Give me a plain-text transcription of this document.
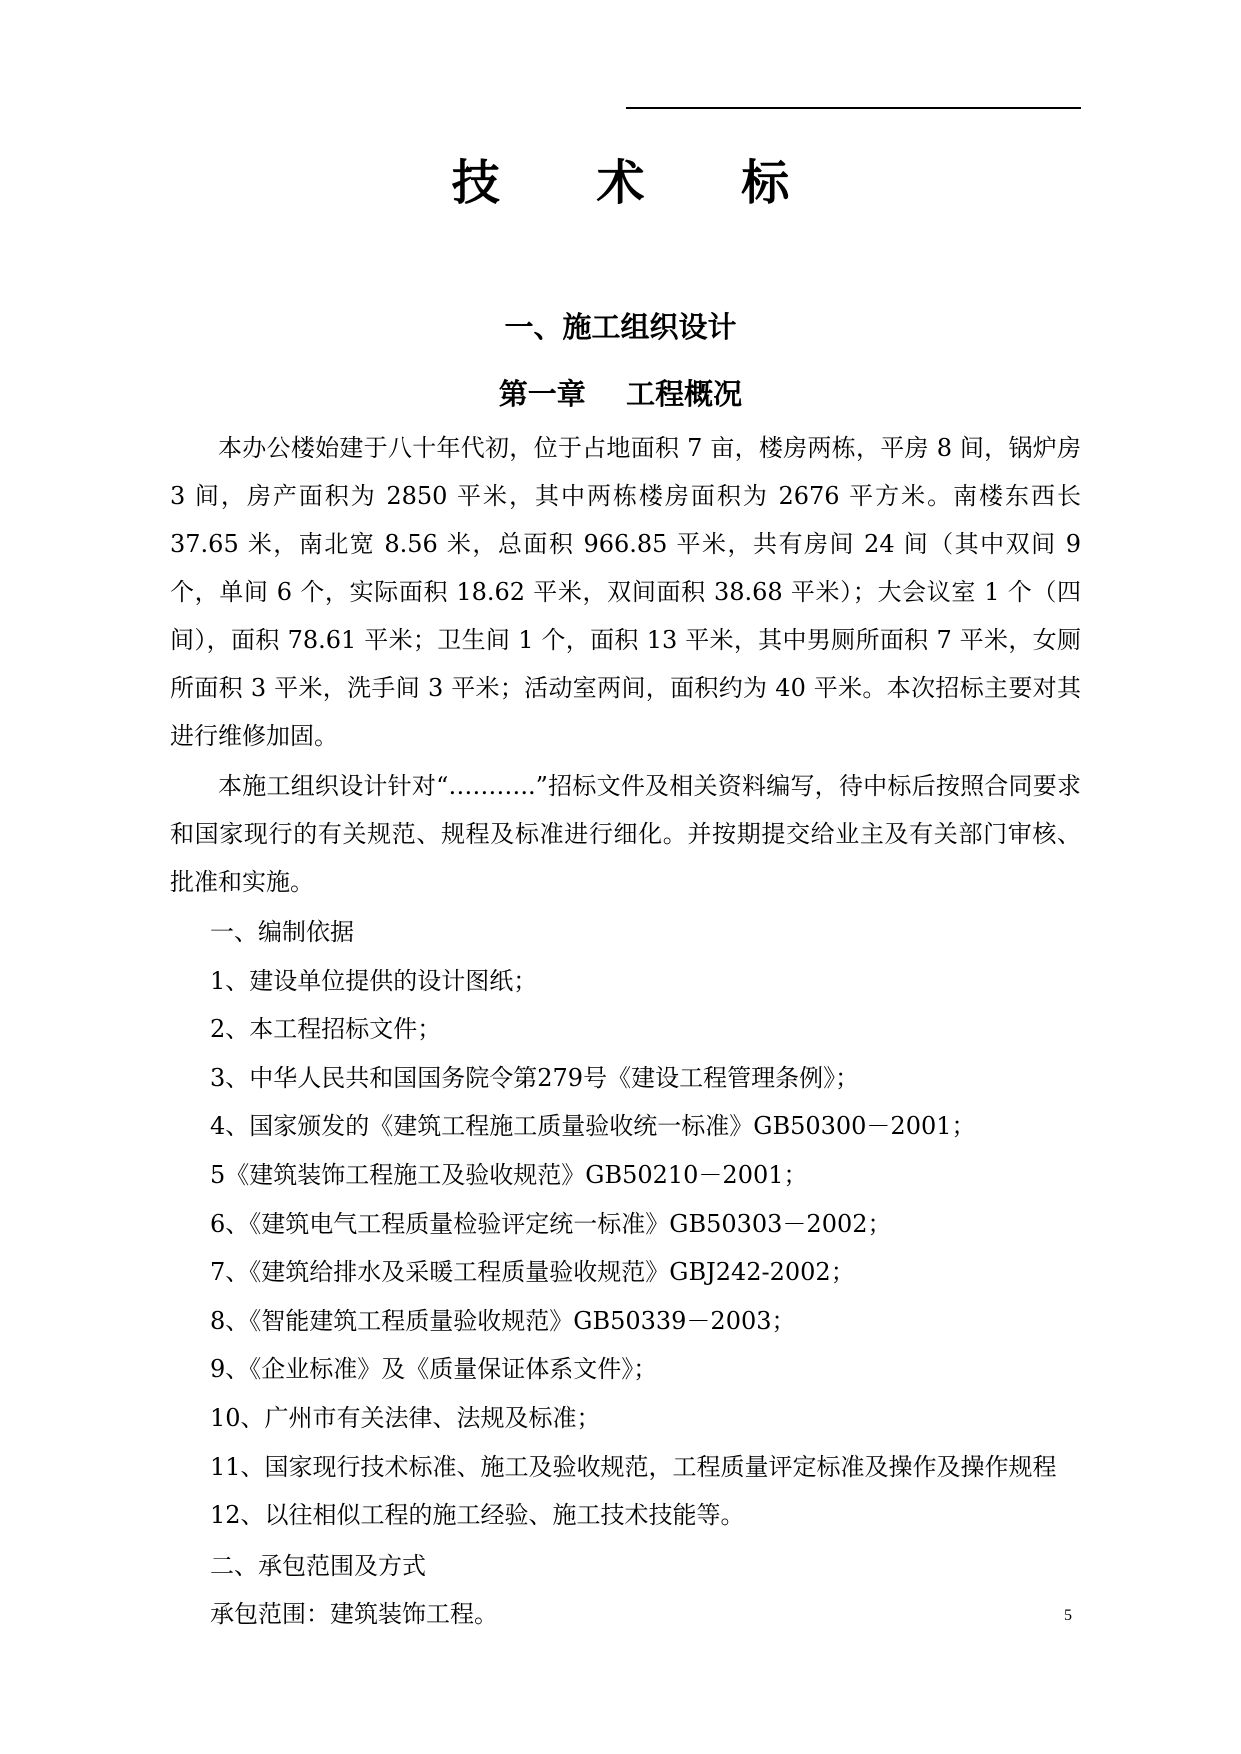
技 术 标
一、施工组织设计
第一章    工程概况

本办公楼始建于八十年代初，位于占地面积 7 亩，楼房两栋，平房 8 间，锅炉房 3 间，房产面积为 2850 平米，其中两栋楼房面积为 2676 平方米。南楼东西长 37.65 米，南北宽 8.56 米，总面积 966.85 平米，共有房间 24 间（其中双间 9 个，单间 6 个，实际面积 18.62 平米，双间面积 38.68 平米）；大会议室 1 个（四间），面积 78.61 平米；卫生间 1 个，面积 13 平米，其中男厕所面积 7 平米，女厕所面积 3 平米，洗手间 3 平米；活动室两间，面积约为 40 平米。本次招标主要对其进行维修加固。

本施工组织设计针对“………..”招标文件及相关资料编写，待中标后按照合同要求和国家现行的有关规范、规程及标准进行细化。并按期提交给业主及有关部门审核、批准和实施。

一、编制依据
1、建设单位提供的设计图纸；
2、本工程招标文件；
3、中华人民共和国国务院令第279号《建设工程管理条例》；
4、国家颁发的《建筑工程施工质量验收统一标准》GB50300－2001；
5《建筑装饰工程施工及验收规范》GB50210－2001；
6、《建筑电气工程质量检验评定统一标准》GB50303－2002；
7、《建筑给排水及采暖工程质量验收规范》GBJ242-2002；
8、《智能建筑工程质量验收规范》GB50339－2003；
9、《企业标准》及《质量保证体系文件》；
10、广州市有关法律、法规及标准；
11、国家现行技术标准、施工及验收规范，工程质量评定标准及操作及操作规程
12、以往相似工程的施工经验、施工技术技能等。
二、承包范围及方式
承包范围：建筑装饰工程。	5
